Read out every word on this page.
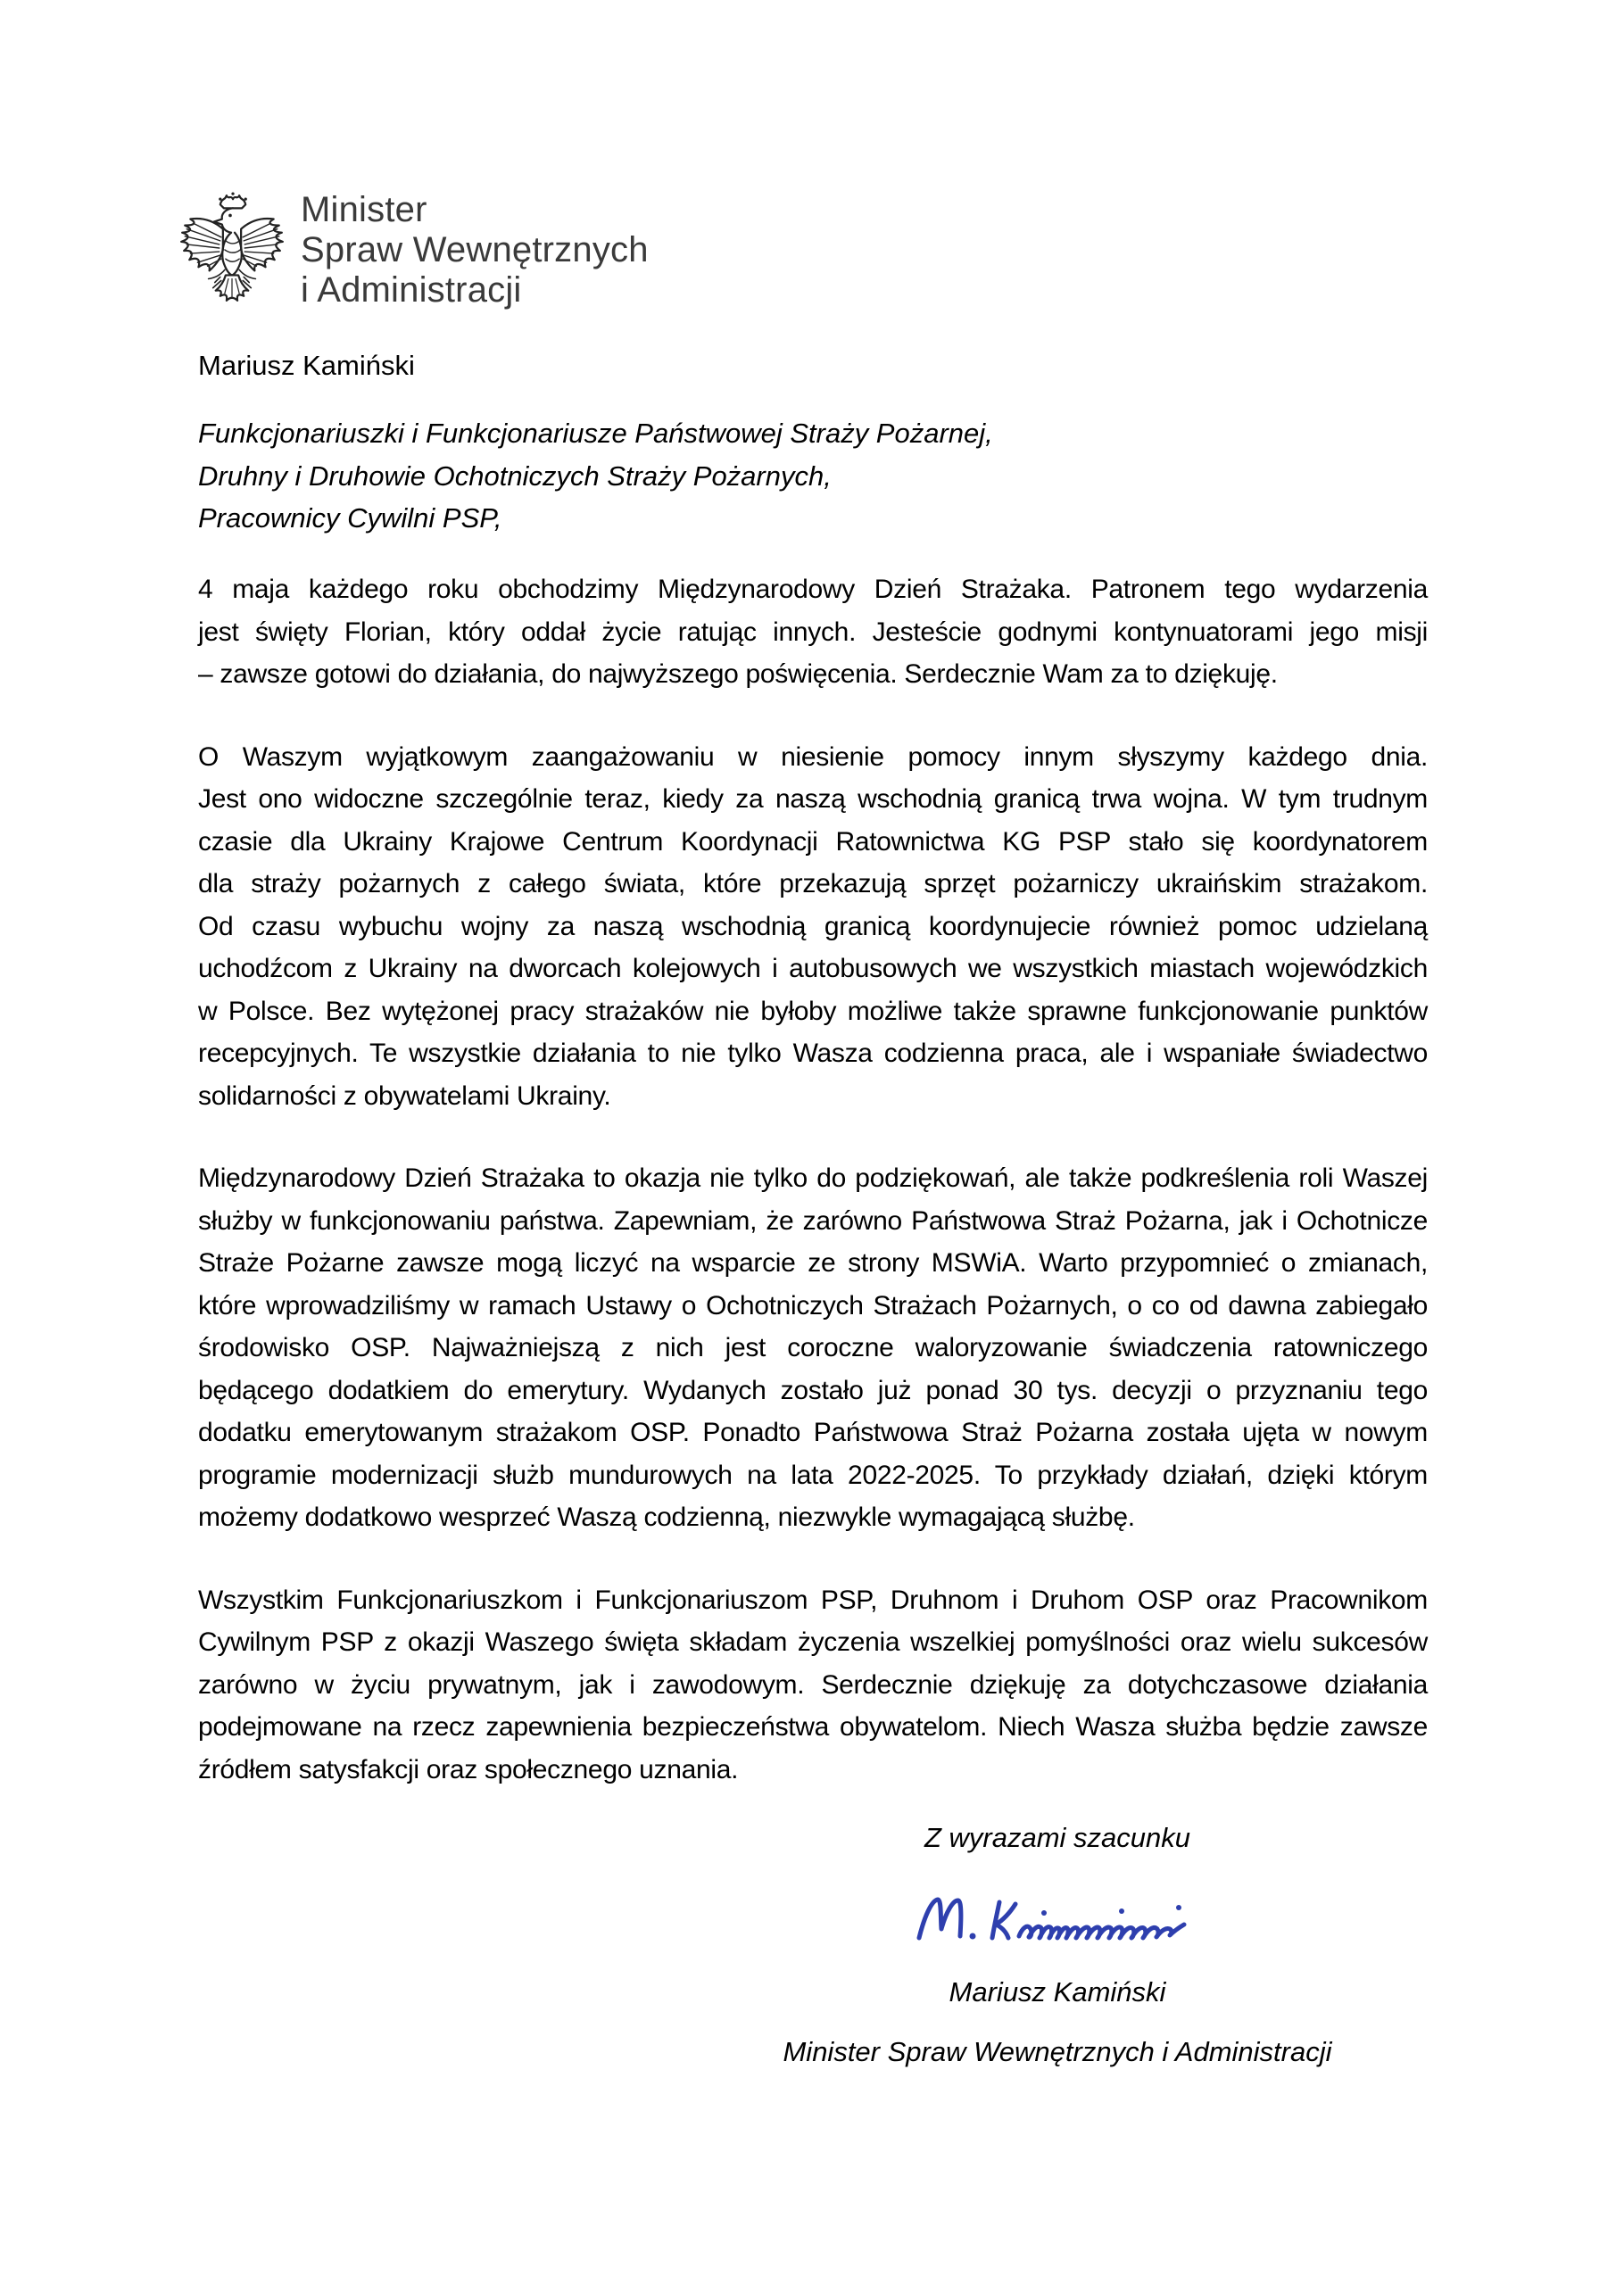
Minister
Spraw Wewnętrznych
i Administracji
Mariusz Kamiński
Funkcjonariuszki i Funkcjonariusze Państwowej Straży Pożarnej,
Druhny i Druhowie Ochotniczych Straży Pożarnych,
Pracownicy Cywilni PSP,
4 maja każdego roku obchodzimy Międzynarodowy Dzień Strażaka. Patronem tego wydarzenia
jest święty Florian, który oddał życie ratując innych. Jesteście godnymi kontynuatorami jego misji
– zawsze gotowi do działania, do najwyższego poświęcenia. Serdecznie Wam za to dziękuję.
O Waszym wyjątkowym zaangażowaniu w niesienie pomocy innym słyszymy każdego dnia.
Jest ono widoczne szczególnie teraz, kiedy za naszą wschodnią granicą trwa wojna. W tym trudnym
czasie dla Ukrainy Krajowe Centrum Koordynacji Ratownictwa KG PSP stało się koordynatorem
dla straży pożarnych z całego świata, które przekazują sprzęt pożarniczy ukraińskim strażakom.
Od czasu wybuchu wojny za naszą wschodnią granicą koordynujecie również pomoc udzielaną
uchodźcom z Ukrainy na dworcach kolejowych i autobusowych we wszystkich miastach wojewódzkich
w Polsce. Bez wytężonej pracy strażaków nie byłoby możliwe także sprawne funkcjonowanie punktów
recepcyjnych. Te wszystkie działania to nie tylko Wasza codzienna praca, ale i wspaniałe świadectwo
solidarności z obywatelami Ukrainy.
Międzynarodowy Dzień Strażaka to okazja nie tylko do podziękowań, ale także podkreślenia roli Waszej
służby w funkcjonowaniu państwa. Zapewniam, że zarówno Państwowa Straż Pożarna, jak i Ochotnicze
Straże Pożarne zawsze mogą liczyć na wsparcie ze strony MSWiA. Warto przypomnieć o zmianach,
które wprowadziliśmy w ramach Ustawy o Ochotniczych Strażach Pożarnych, o co od dawna zabiegało
środowisko OSP. Najważniejszą z nich jest coroczne waloryzowanie świadczenia ratowniczego
będącego dodatkiem do emerytury. Wydanych zostało już ponad 30 tys. decyzji o przyznaniu tego
dodatku emerytowanym strażakom OSP. Ponadto Państwowa Straż Pożarna została ujęta w nowym
programie modernizacji służb mundurowych na lata 2022-2025. To przykłady działań, dzięki którym
możemy dodatkowo wesprzeć Waszą codzienną, niezwykle wymagającą służbę.
Wszystkim Funkcjonariuszkom i Funkcjonariuszom PSP, Druhnom i Druhom OSP oraz Pracownikom
Cywilnym PSP z okazji Waszego święta składam życzenia wszelkiej pomyślności oraz wielu sukcesów
zarówno w życiu prywatnym, jak i zawodowym. Serdecznie dziękuję za dotychczasowe działania
podejmowane na rzecz zapewnienia bezpieczeństwa obywatelom. Niech Wasza służba będzie zawsze
źródłem satysfakcji oraz społecznego uznania.
Z wyrazami szacunku
Mariusz Kamiński
Minister Spraw Wewnętrznych i Administracji
